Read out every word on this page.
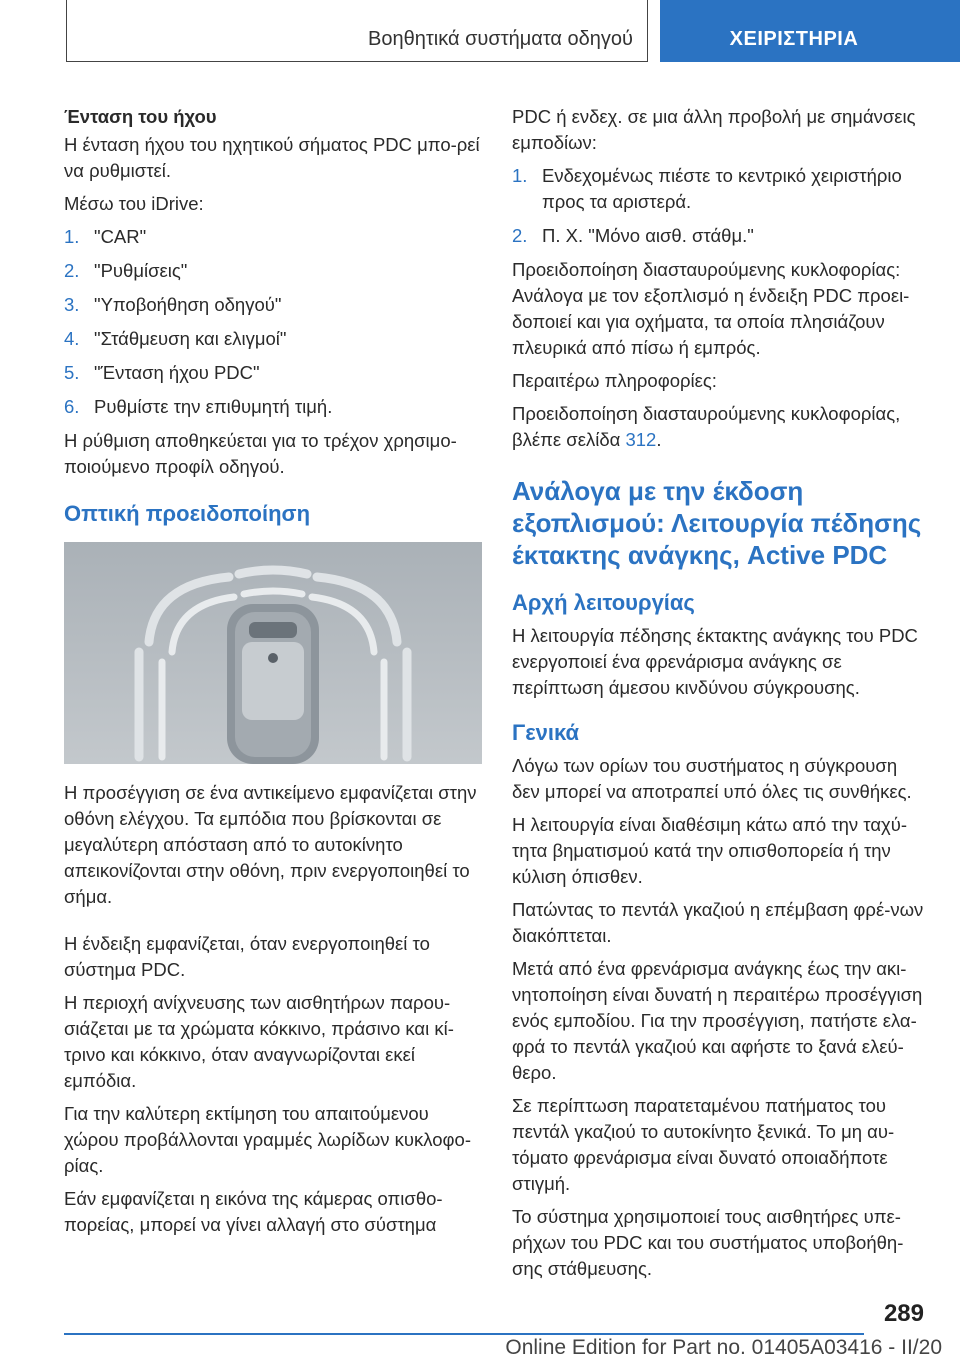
Βοηθητικά συστήματα οδηγού	ΧΕΙΡΙΣΤΗΡΙΑ

Ένταση του ήχου

Η ένταση ήχου του ηχητικού σήματος PDC μπο‐ρεί να ρυθμιστεί.

Μέσω του iDrive:

1. "CAR"
2. "Ρυθμίσεις"
3. "Υποβοήθηση οδηγού"
4. "Στάθμευση και ελιγμοί"
5. "Ένταση ήχου PDC"
6. Ρυθμίστε την επιθυμητή τιμή.

Η ρύθμιση αποθηκεύεται για το τρέχον χρησιμο‐ποιούμενο προφίλ οδηγού.

Οπτική προειδοποίηση

Η προσέγγιση σε ένα αντικείμενο εμφανίζεται στην οθόνη ελέγχου. Τα εμπόδια που βρίσκονται σε μεγαλύτερη απόσταση από το αυτοκίνητο απεικονίζονται στην οθόνη, πριν ενεργοποιηθεί το σήμα.

Η ένδειξη εμφανίζεται, όταν ενεργοποιηθεί το σύστημα PDC.

Η περιοχή ανίχνευσης των αισθητήρων παρου‐σιάζεται με τα χρώματα κόκκινο, πράσινο και κί‐τρινο και κόκκινο, όταν αναγνωρίζονται εκεί εμπόδια.

Για την καλύτερη εκτίμηση του απαιτούμενου χώρου προβάλλονται γραμμές λωρίδων κυκλοφο‐ρίας.

Εάν εμφανίζεται η εικόνα της κάμερας οπισθο‐πορείας, μπορεί να γίνει αλλαγή στο σύστημα

PDC ή ενδεχ. σε μια άλλη προβολή με σημάνσεις εμποδίων:

1. Ενδεχομένως πιέστε το κεντρικό χειριστήριο προς τα αριστερά.
2. Π. Χ. "Μόνο αισθ. στάθμ."

Προειδοποίηση διασταυρούμενης κυκλοφορίας: Ανάλογα με τον εξοπλισμό η ένδειξη PDC προει‐δοποιεί και για οχήματα, τα οποία πλησιάζουν πλευρικά από πίσω ή εμπρός.

Περαιτέρω πληροφορίες:

Προειδοποίηση διασταυρούμενης κυκλοφορίας, βλέπε σελίδα 312.

Ανάλογα με την έκδοση εξοπλισμού: Λειτουργία πέδησης έκτακτης ανάγκης, Active PDC

Αρχή λειτουργίας

Η λειτουργία πέδησης έκτακτης ανάγκης του PDC ενεργοποιεί ένα φρενάρισμα ανάγκης σε περίπτωση άμεσου κινδύνου σύγκρουσης.

Γενικά

Λόγω των ορίων του συστήματος η σύγκρουση δεν μπορεί να αποτραπεί υπό όλες τις συνθήκες.

Η λειτουργία είναι διαθέσιμη κάτω από την ταχύ‐τητα βηματισμού κατά την οπισθοπορεία ή την κύλιση όπισθεν.

Πατώντας το πεντάλ γκαζιού η επέμβαση φρέ‐νων διακόπτεται.

Μετά από ένα φρενάρισμα ανάγκης έως την ακι‐νητοποίηση είναι δυνατή η περαιτέρω προσέγγιση ενός εμποδίου. Για την προσέγγιση, πατήστε ελα‐φρά το πεντάλ γκαζιού και αφήστε το ξανά ελεύ‐θερο.

Σε περίπτωση παρατεταμένου πατήματος του πεντάλ γκαζιού το αυτοκίνητο ξενικά. Το μη αυ‐τόματο φρενάρισμα είναι δυνατό οποιαδήποτε στιγμή.

Το σύστημα χρησιμοποιεί τους αισθητήρες υπε‐ρήχων του PDC και του συστήματος υποβοήθη‐σης στάθμευσης.

289
Online Edition for Part no. 01405A03416 - II/20
